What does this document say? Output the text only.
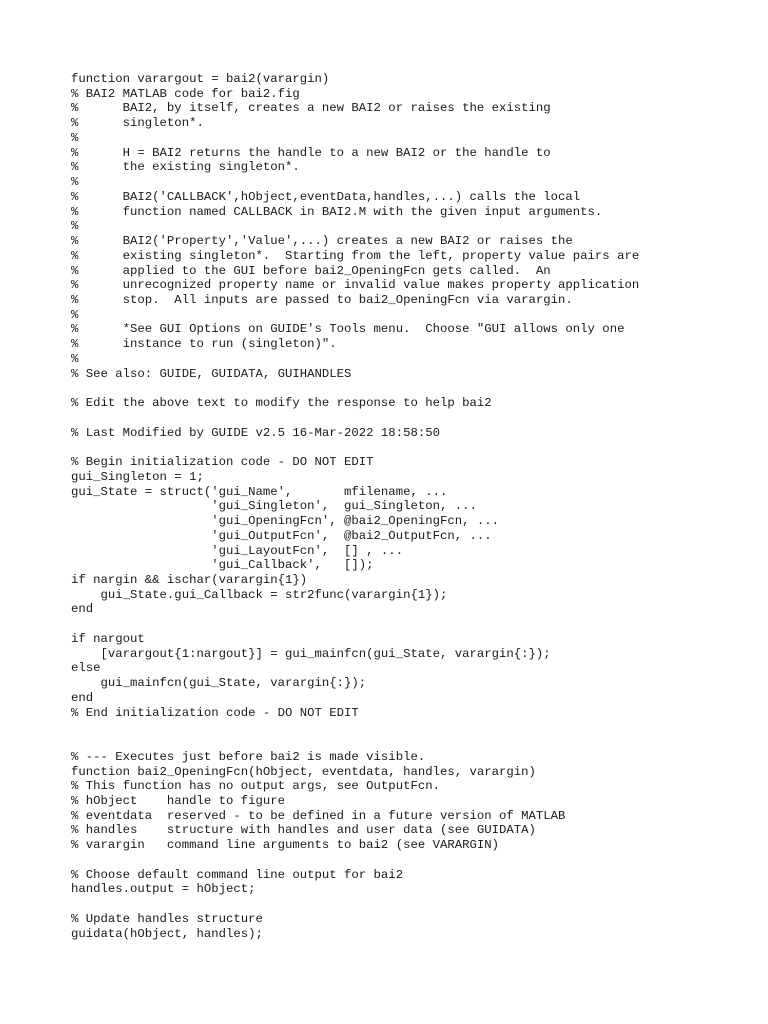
function varargout = bai2(varargin)
% BAI2 MATLAB code for bai2.fig
%      BAI2, by itself, creates a new BAI2 or raises the existing
%      singleton*.
%
%      H = BAI2 returns the handle to a new BAI2 or the handle to
%      the existing singleton*.
%
%      BAI2('CALLBACK',hObject,eventData,handles,...) calls the local
%      function named CALLBACK in BAI2.M with the given input arguments.
%
%      BAI2('Property','Value',...) creates a new BAI2 or raises the
%      existing singleton*.  Starting from the left, property value pairs are
%      applied to the GUI before bai2_OpeningFcn gets called.  An
%      unrecognized property name or invalid value makes property application
%      stop.  All inputs are passed to bai2_OpeningFcn via varargin.
%
%      *See GUI Options on GUIDE's Tools menu.  Choose "GUI allows only one
%      instance to run (singleton)".
%
% See also: GUIDE, GUIDATA, GUIHANDLES
% Edit the above text to modify the response to help bai2
% Last Modified by GUIDE v2.5 16-Mar-2022 18:58:50
% Begin initialization code - DO NOT EDIT
gui_Singleton = 1;
gui_State = struct('gui_Name',       mfilename, ...
'gui_Singleton',  gui_Singleton, ...
'gui_OpeningFcn', @bai2_OpeningFcn, ...
'gui_OutputFcn',  @bai2_OutputFcn, ...
'gui_LayoutFcn',  [] , ...
'gui_Callback',   []);
if nargin && ischar(varargin{1})
gui_State.gui_Callback = str2func(varargin{1});
end
if nargout
[varargout{1:nargout}] = gui_mainfcn(gui_State, varargin{:});
else
gui_mainfcn(gui_State, varargin{:});
end
% End initialization code - DO NOT EDIT
% --- Executes just before bai2 is made visible.
function bai2_OpeningFcn(hObject, eventdata, handles, varargin)
% This function has no output args, see OutputFcn.
% hObject    handle to figure
% eventdata  reserved - to be defined in a future version of MATLAB
% handles    structure with handles and user data (see GUIDATA)
% varargin   command line arguments to bai2 (see VARARGIN)
% Choose default command line output for bai2
handles.output = hObject;
% Update handles structure
guidata(hObject, handles);
